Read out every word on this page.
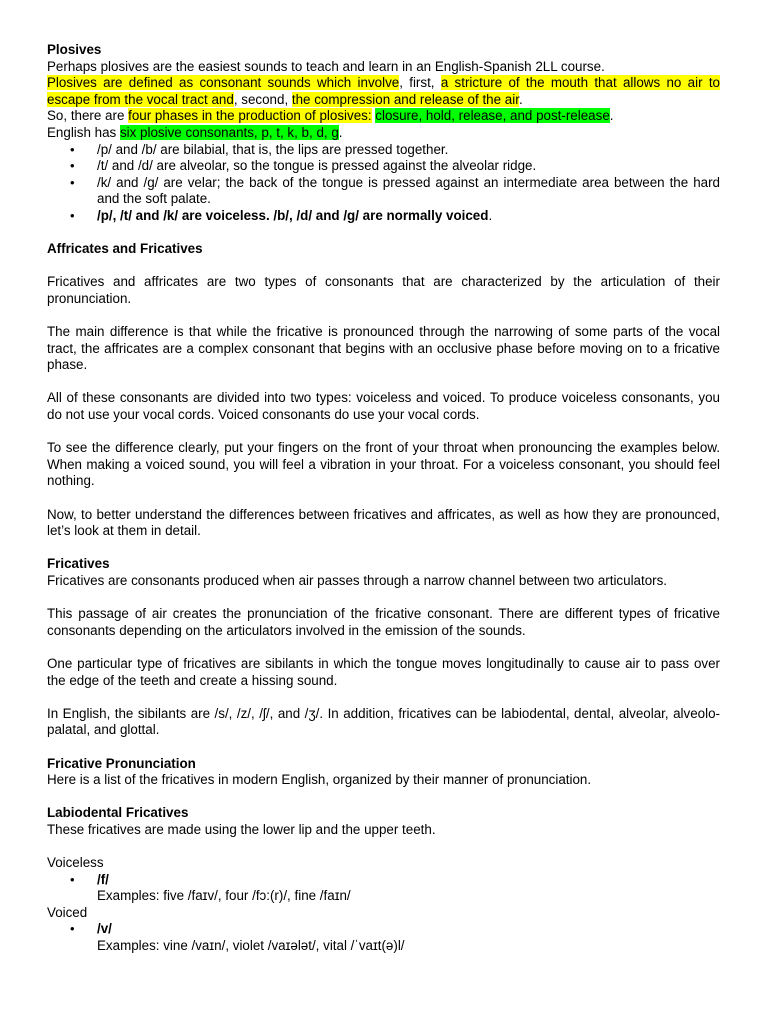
Plosives

Perhaps plosives are the easiest sounds to teach and learn in an English-Spanish 2LL course.

Plosives are defined as consonant sounds which involve, first, a stricture of the mouth that allows no air to escape from the vocal tract and, second, the compression and release of the air.

So, there are four phases in the production of plosives: closure, hold, release, and post-release.

English has six plosive consonants, p, t, k, b, d, g.

• /p/ and /b/ are bilabial, that is, the lips are pressed together.
• /t/ and /d/ are alveolar, so the tongue is pressed against the alveolar ridge.
• /k/ and /g/ are velar; the back of the tongue is pressed against an intermediate area between the hard and the soft palate.
• /p/, /t/ and /k/ are voiceless. /b/, /d/ and /g/ are normally voiced.

Affricates and Fricatives

Fricatives and affricates are two types of consonants that are characterized by the articulation of their pronunciation.

The main difference is that while the fricative is pronounced through the narrowing of some parts of the vocal tract, the affricates are a complex consonant that begins with an occlusive phase before moving on to a fricative phase.

All of these consonants are divided into two types: voiceless and voiced. To produce voiceless consonants, you do not use your vocal cords. Voiced consonants do use your vocal cords.

To see the difference clearly, put your fingers on the front of your throat when pronouncing the examples below. When making a voiced sound, you will feel a vibration in your throat. For a voiceless consonant, you should feel nothing.

Now, to better understand the differences between fricatives and affricates, as well as how they are pronounced, let’s look at them in detail.

Fricatives

Fricatives are consonants produced when air passes through a narrow channel between two articulators.

This passage of air creates the pronunciation of the fricative consonant. There are different types of fricative consonants depending on the articulators involved in the emission of the sounds.

One particular type of fricatives are sibilants in which the tongue moves longitudinally to cause air to pass over the edge of the teeth and create a hissing sound.

In English, the sibilants are /s/, /z/, /ʃ/, and /ʒ/. In addition, fricatives can be labiodental, dental, alveolar, alveolo-palatal, and glottal.

Fricative Pronunciation

Here is a list of the fricatives in modern English, organized by their manner of pronunciation.

Labiodental Fricatives

These fricatives are made using the lower lip and the upper teeth.

Voiceless

• /f/
Examples: five /faɪv/, four /fɔ:(r)/, fine /faɪn/

Voiced

• /v/
Examples: vine /vaɪn/, violet /vaɪələt/, vital /ˈvaɪt(ə)l/
